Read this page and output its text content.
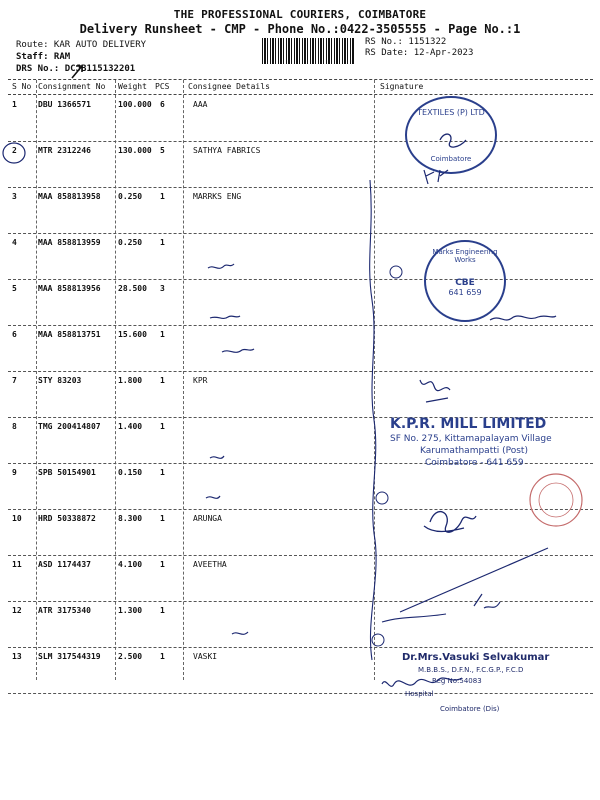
THE PROFESSIONAL COURIERS, COIMBATORE
Delivery Runsheet - CMP - Phone No.:0422-3505555 - Page No.:1
Route: KAR AUTO DELIVERY
Staff: RAM
DRS No.: DCJB115132201
RS No.: 1151322
RS Date: 12-Apr-2023
S No Consignment No Weight PCS Consignee Details	Signature
1	DBU 1366571	100.000 6	AAA
2	MTR 2312246	130.000 5	SATHYA FABRICS
3	MAA 858813958 0.250 1	MARRKS ENG
4	MAA 858813959 0.250 1
5	MAA 858813956 28.500 3
6	MAA 858813751 15.600 1
7	STY 83203	1.800 1	KPR
8	TMG 200414807 1.400 1
9	SPB 50154901	0.150 1
10 HRD 50338872	8.300 1	ARUNGA
11 ASD 1174437	4.100 1	AVEETHA
12 ATR 3175340	1.300 1
13 SLM 317544319 2.500 1	VASKI
TEXTILES (P) LTD
Coimbatore
Marks Engineering Works
CBE
641 659
K.P.R. MILL LIMITED
SF No. 275, Kittamapalayam Village
Karumathampatti (Post)
Coimbatore - 641 659
Dr.Mrs.Vasuki Selvakumar
M.B.B.S., D.F.N., F.C.G.P., F.C.D
Reg No:54083
Hospital
Coimbatore (Dis)
